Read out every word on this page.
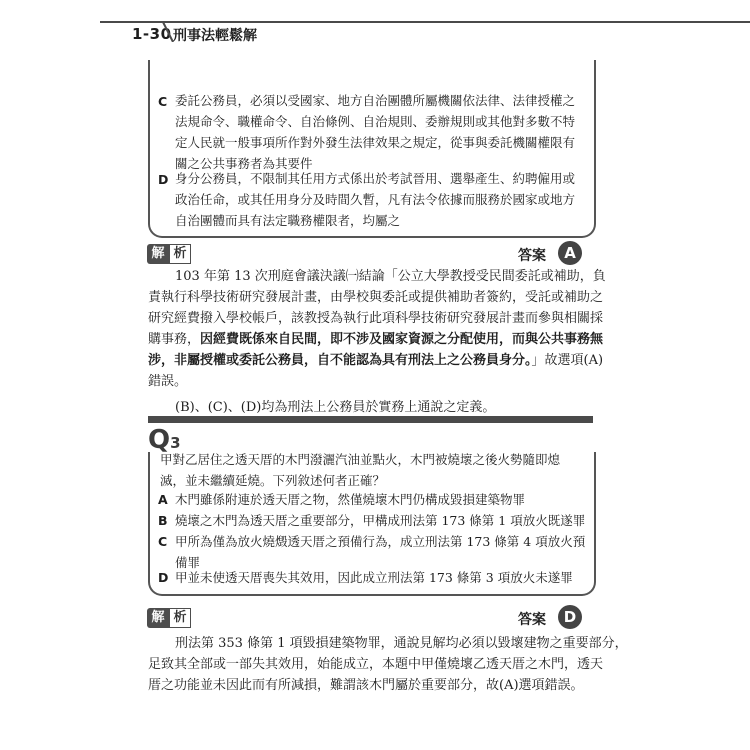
1-30 刑事法輕鬆解
C 委託公務員，必須以受國家、地方自治團體所屬機關依法律、法律授權之
法規命令、職權命令、自治條例、自治規則、委辦規則或其他對多數不特
定人民就一般事項所作對外發生法律效果之規定，從事與委託機關權限有
關之公共事務者為其要件
D 身分公務員，不限制其任用方式係出於考試晉用、選舉產生、約聘僱用或
政治任命，或其任用身分及時間久暫，凡有法令依據而服務於國家或地方
自治團體而具有法定職務權限者，均屬之
解 析	答案	A
103 年第 13 次刑庭會議決議㈠結論「公立大學教授受民間委託或補助，負
責執行科學技術研究發展計畫，由學校與委託或提供補助者簽約，受託或補助之
研究經費撥入學校帳戶，該教授為執行此項科學技術研究發展計畫而參與相關採
購事務，因經費既係來自民間，即不涉及國家資源之分配使用，而與公共事務無
涉，非屬授權或委託公務員，自不能認為具有刑法上之公務員身分。」故選項(A)
錯誤。
(B)、(C)、(D)均為刑法上公務員於實務上通說之定義。
Q3
甲對乙居住之透天厝的木門潑灑汽油並點火，木門被燒壞之後火勢隨即熄
滅，並未繼續延燒。下列敘述何者正確？
A 木門雖係附連於透天厝之物，然僅燒壞木門仍構成毀損建築物罪
B 燒壞之木門為透天厝之重要部分，甲構成刑法第 173 條第 1 項放火既遂罪
C 甲所為僅為放火燒燬透天厝之預備行為，成立刑法第 173 條第 4 項放火預
備罪
D 甲並未使透天厝喪失其效用，因此成立刑法第 173 條第 3 項放火未遂罪
解 析	答案	D
刑法第 353 條第 1 項毀損建築物罪，通說見解均必須以毀壞建物之重要部分，
足致其全部或一部失其效用，始能成立，本題中甲僅燒壞乙透天厝之木門，透天
厝之功能並未因此而有所減損，難謂該木門屬於重要部分，故(A)選項錯誤。
